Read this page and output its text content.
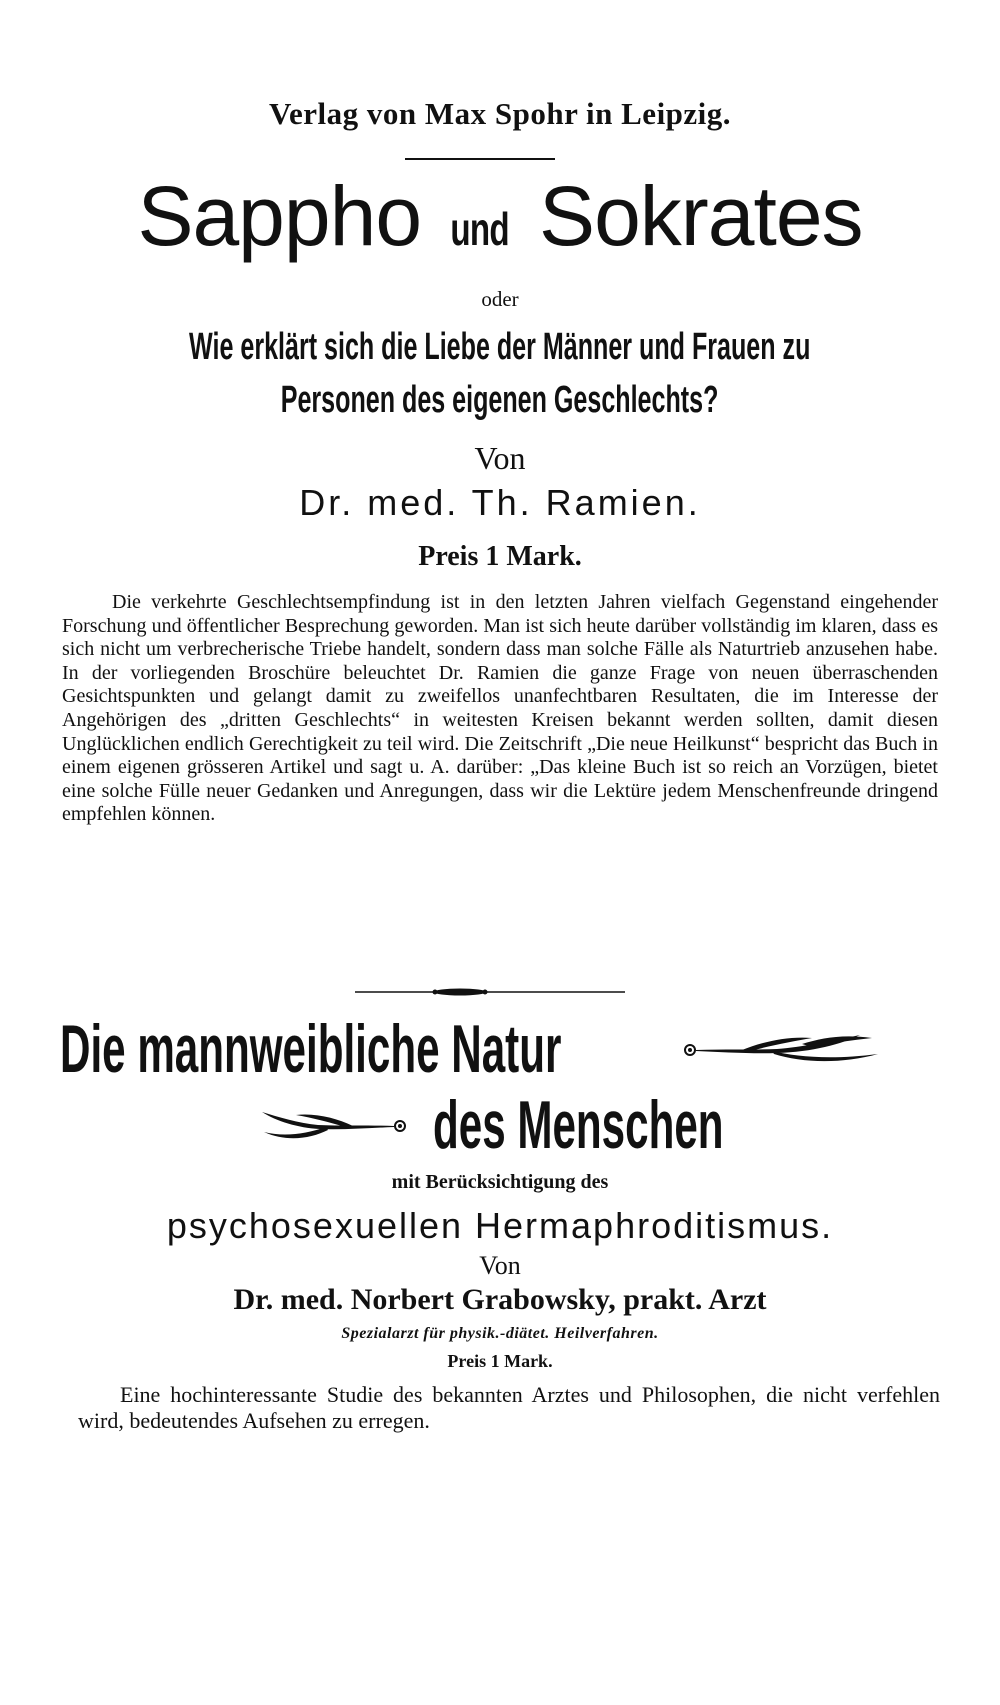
Verlag von Max Spohr in Leipzig.
Sappho und Sokrates
oder
Wie erklärt sich die Liebe der Männer und Frauen zu
Personen des eigenen Geschlechts?
Von
Dr. med. Th. Ramien.
Preis 1 Mark.
Die verkehrte Geschlechtsempfindung ist in den letzten Jahren vielfach Gegenstand eingehender Forschung und öffentlicher Besprechung geworden. Man ist sich heute darüber vollständig im klaren, dass es sich nicht um verbrecherische Triebe handelt, sondern dass man solche Fälle als Naturtrieb anzusehen habe. In der vorliegenden Broschüre beleuchtet Dr. Ramien die ganze Frage von neuen überraschenden Gesichtspunkten und gelangt damit zu zweifellos unanfechtbaren Resultaten, die im Interesse der Angehörigen des „dritten Geschlechts“ in weitesten Kreisen bekannt werden sollten, damit diesen Unglücklichen endlich Gerechtigkeit zu teil wird. Die Zeitschrift „Die neue Heilkunst“ bespricht das Buch in einem eigenen grösseren Artikel und sagt u. A. darüber: „Das kleine Buch ist so reich an Vorzügen, bietet eine solche Fülle neuer Gedanken und Anregungen, dass wir die Lektüre jedem Menschenfreunde dringend empfehlen können.
Die mannweibliche Natur
des Menschen
mit Berücksichtigung des
psychosexuellen Hermaphroditismus.
Von
Dr. med. Norbert Grabowsky, prakt. Arzt
Spezialarzt für physik.-diätet. Heilverfahren.
Preis 1 Mark.
Eine hochinteressante Studie des bekannten Arztes und Philosophen, die nicht verfehlen wird, bedeutendes Aufsehen zu erregen.
